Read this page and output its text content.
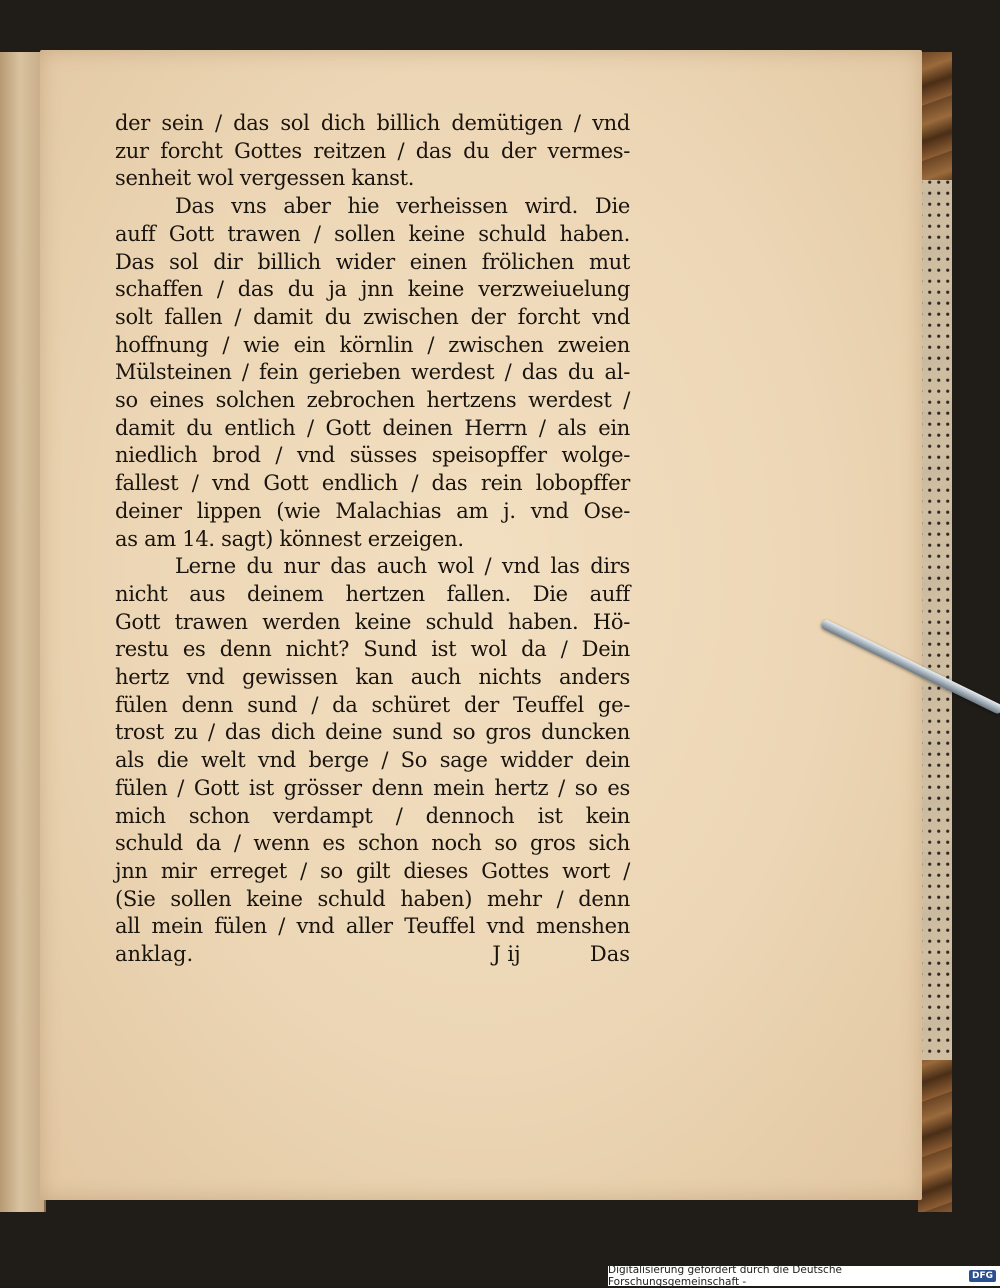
der sein / das sol dich billich demütigen / vnd
zur forcht Gottes reitzen / das du der vermes-
senheit wol vergessen kanst.
Das vns aber hie verheissen wird. Die
auff Gott trawen / sollen keine schuld haben.
Das sol dir billich wider einen frölichen mut
schaffen / das du ja jnn keine verzweiuelung
solt fallen / damit du zwischen der forcht vnd
hoffnung / wie ein körnlin / zwischen zweien
Mülsteinen / fein gerieben werdest / das du al-
so eines solchen zebrochen hertzens werdest /
damit du entlich / Gott deinen Herrn / als ein
niedlich brod / vnd süsses speisopffer wolge-
fallest / vnd Gott endlich / das rein lobopffer
deiner lippen (wie Malachias am j. vnd Ose-
as am 14. sagt) könnest erzeigen.
Lerne du nur das auch wol / vnd las dirs
nicht aus deinem hertzen fallen. Die auff
Gott trawen werden keine schuld haben. Hö-
restu es denn nicht? Sund ist wol da / Dein
hertz vnd gewissen kan auch nichts anders
fülen denn sund / da schüret der Teuffel ge-
trost zu / das dich deine sund so gros duncken
als die welt vnd berge / So sage widder dein
fülen / Gott ist grösser denn mein hertz / so es
mich schon verdampt / dennoch ist kein
schuld da / wenn es schon noch so gros sich
jnn mir erreget / so gilt dieses Gottes wort /
(Sie sollen keine schuld haben) mehr / denn
all mein fülen / vnd aller Teuffel vnd menshen
anklag.	J ij	Das
Digitalisierung gefördert durch die Deutsche Forschungsgemeinschaft -	DFG
